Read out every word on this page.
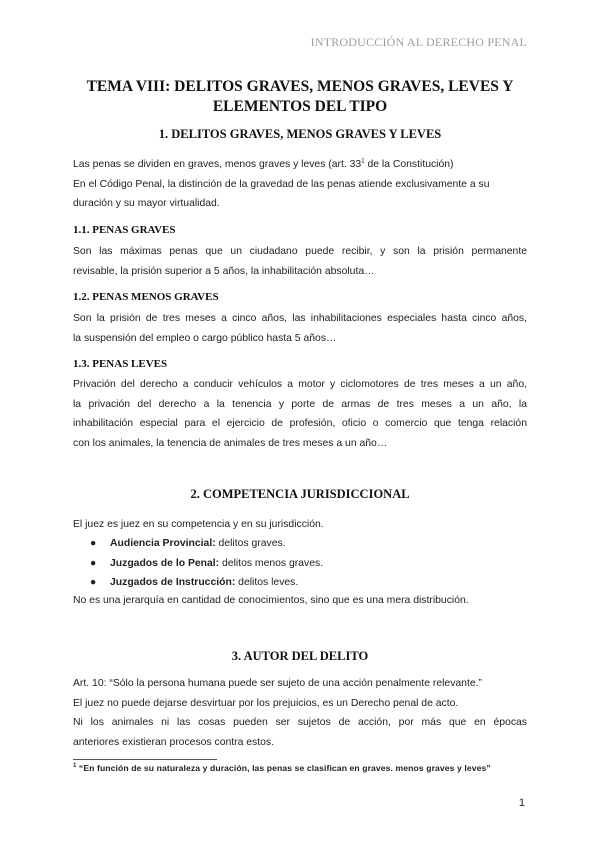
INTRODUCCIÓN AL DERECHO PENAL
TEMA VIII: DELITOS GRAVES, MENOS GRAVES, LEVES Y
ELEMENTOS DEL TIPO
1. DELITOS GRAVES, MENOS GRAVES Y LEVES
Las penas se dividen en graves, menos graves y leves (art. $33^1$ de la Constitución)
En el Código Penal, la distinción de la gravedad de las penas atiende exclusivamente a su
duración y su mayor virtualidad.
1.1. PENAS GRAVES
Son las máximas penas que un ciudadano puede recibir, y son la prisión permanente
revisable, la prisión superior a 5 años, la inhabilitación absoluta…
1.2. PENAS MENOS GRAVES
Son la prisión de tres meses a cinco años, las inhabilitaciones especiales hasta cinco años,
la suspensión del empleo o cargo público hasta 5 años…
1.3. PENAS LEVES
Privación del derecho a conducir vehículos a motor y ciclomotores de tres meses a un año,
la privación del derecho a la tenencia y porte de armas de tres meses a un año, la
inhabilitación especial para el ejercicio de profesión, oficio o comercio que tenga relación
con los animales, la tenencia de animales de tres meses a un año…
2. COMPETENCIA JURISDICCIONAL
El juez es juez en su competencia y en su jurisdicción.
● Audiencia Provincial: delitos graves.
● Juzgados de lo Penal: delitos menos graves.
● Juzgados de Instrucción: delitos leves.
No es una jerarquía en cantidad de conocimientos, sino que es una mera distribución.
3. AUTOR DEL DELITO
Art. 10: “Sólo la persona humana puede ser sujeto de una acción penalmente relevante.”
El juez no puede dejarse desvirtuar por los prejuicios, es un Derecho penal de acto.
Ni los animales ni las cosas pueden ser sujetos de acción, por más que en épocas
anteriores existieran procesos contra estos.
$^1$ “En función de su naturaleza y duración, las penas se clasifican en graves. menos graves y leves”
1
